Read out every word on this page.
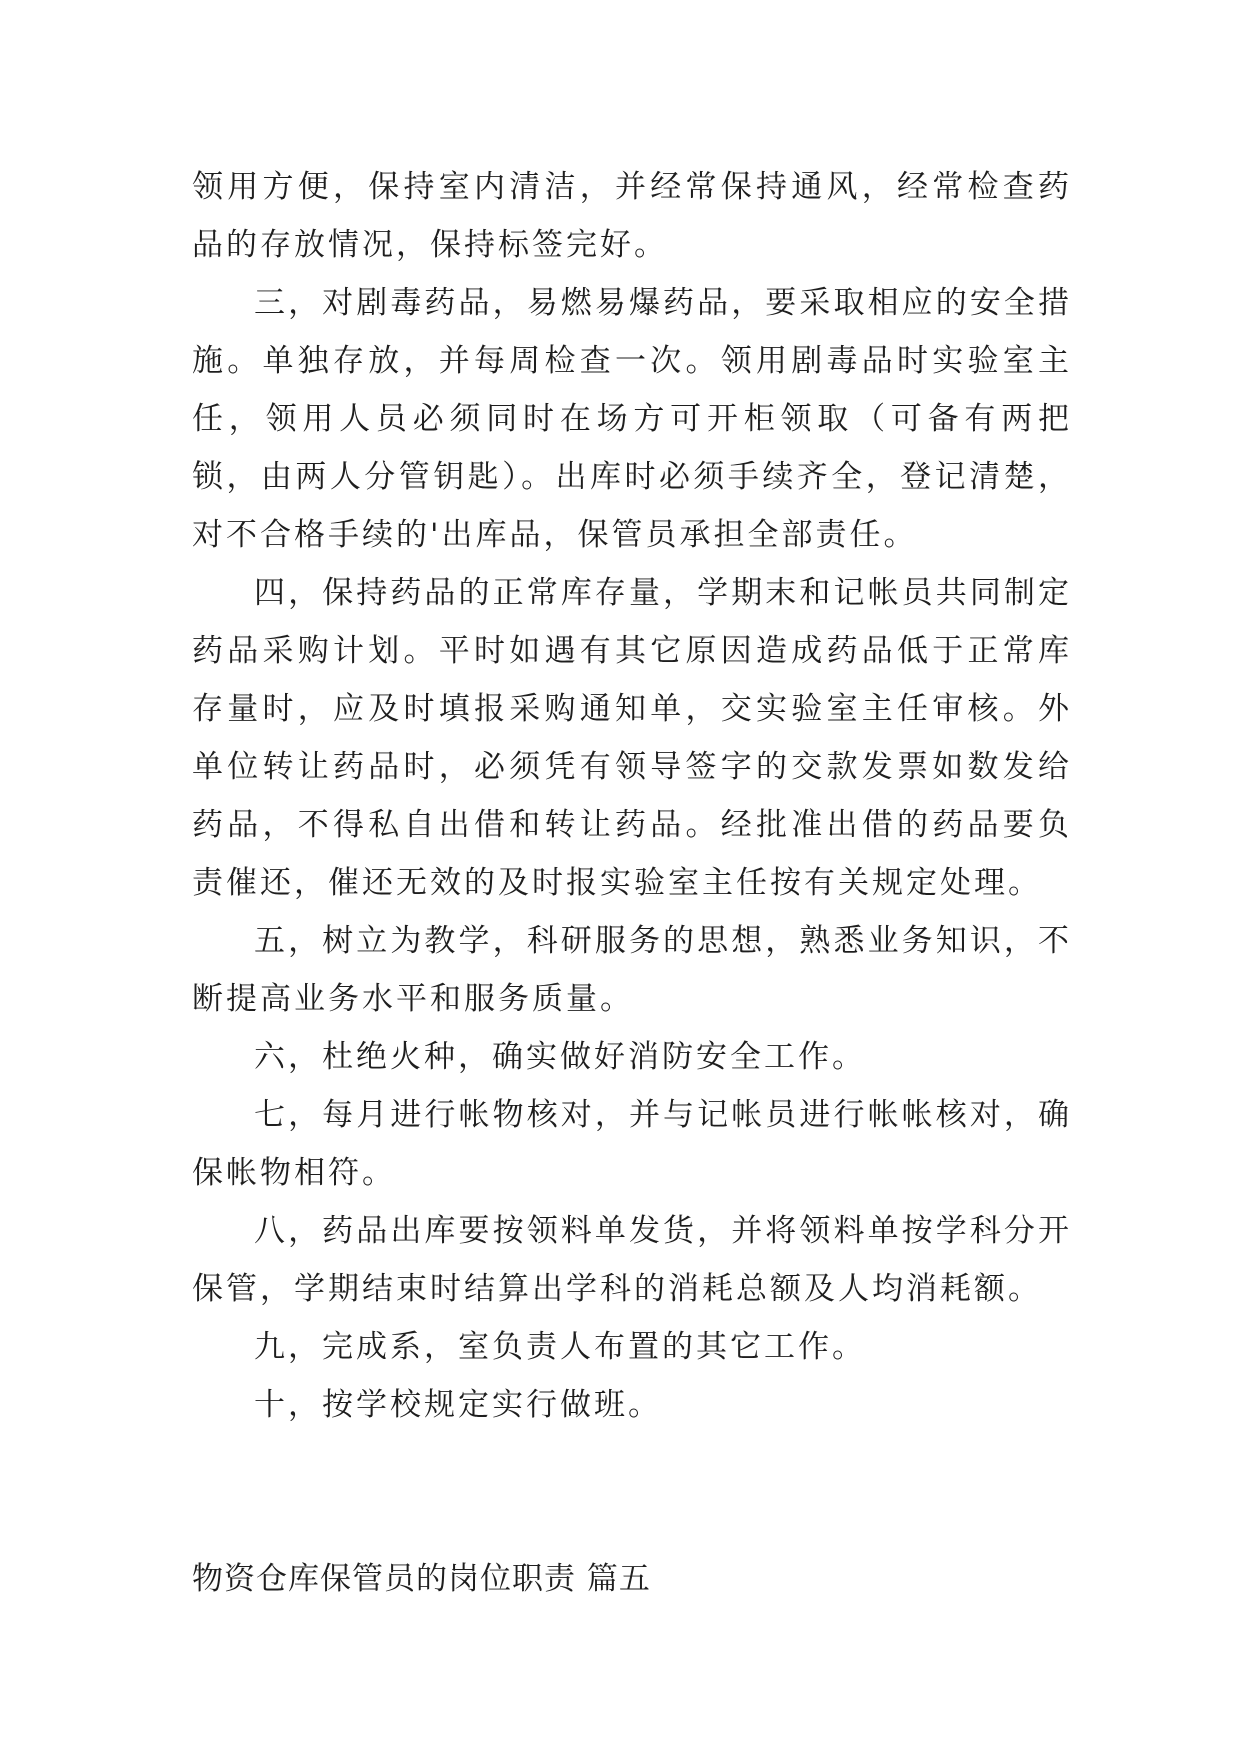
领用方便，保持室内清洁，并经常保持通风，经常检查药品的存放情况，保持标签完好。

三，对剧毒药品，易燃易爆药品，要采取相应的安全措施。单独存放，并每周检查一次。领用剧毒品时实验室主任，领用人员必须同时在场方可开柜领取（可备有两把锁，由两人分管钥匙）。出库时必须手续齐全，登记清楚，对不合格手续的'出库品，保管员承担全部责任。

四，保持药品的正常库存量，学期末和记帐员共同制定药品采购计划。平时如遇有其它原因造成药品低于正常库存量时，应及时填报采购通知单，交实验室主任审核。外单位转让药品时，必须凭有领导签字的交款发票如数发给药品，不得私自出借和转让药品。经批准出借的药品要负责催还，催还无效的及时报实验室主任按有关规定处理。

五，树立为教学，科研服务的思想，熟悉业务知识，不断提高业务水平和服务质量。

六，杜绝火种，确实做好消防安全工作。

七，每月进行帐物核对，并与记帐员进行帐帐核对，确保帐物相符。

八，药品出库要按领料单发货，并将领料单按学科分开保管，学期结束时结算出学科的消耗总额及人均消耗额。

九，完成系，室负责人布置的其它工作。

十，按学校规定实行做班。

物资仓库保管员的岗位职责 篇五
